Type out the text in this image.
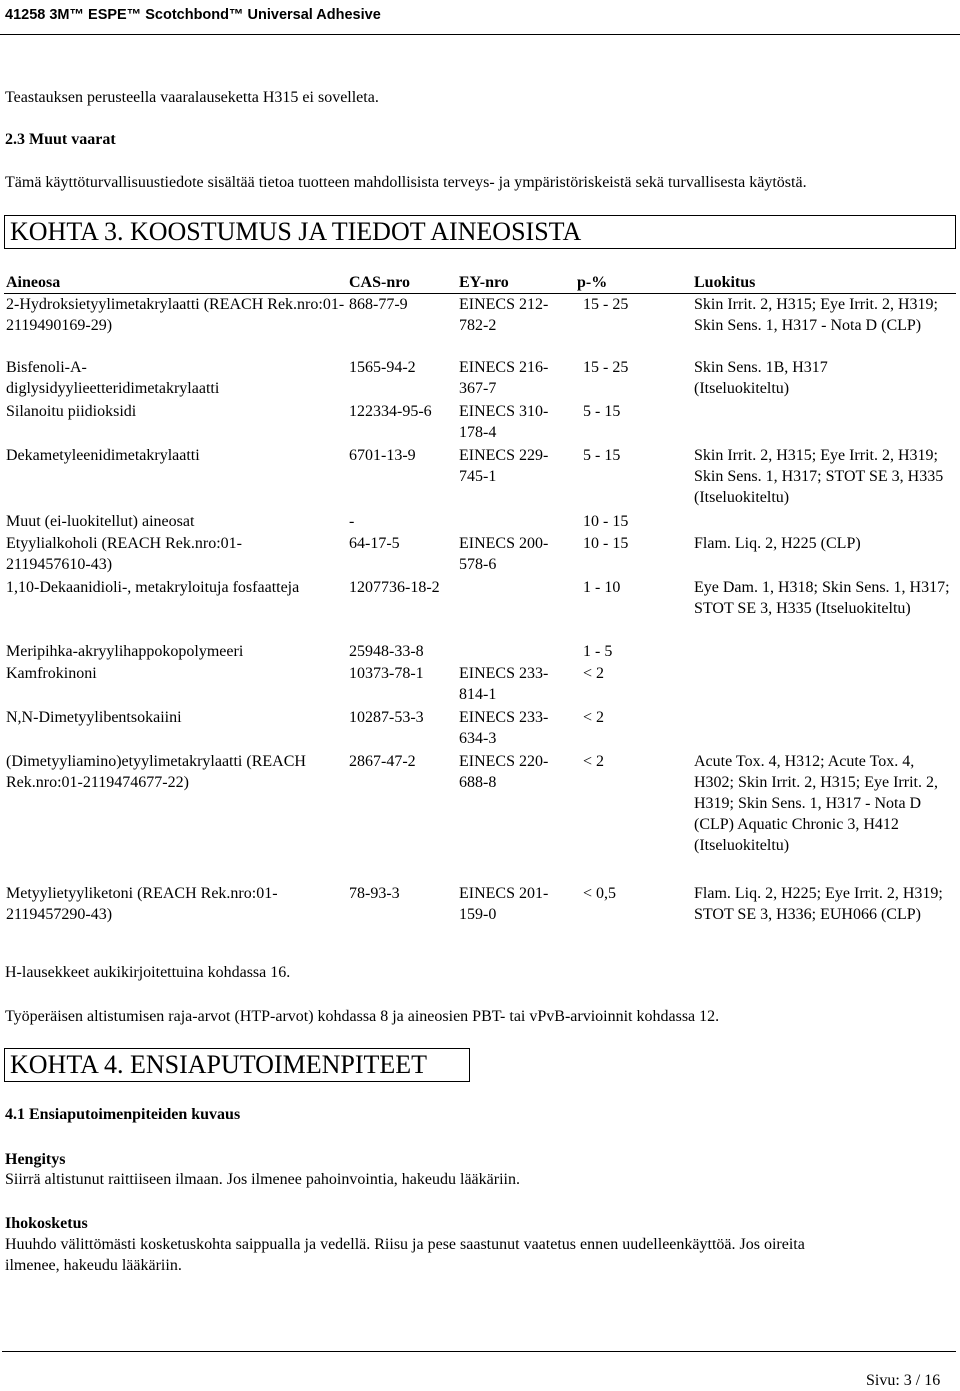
41258 3M™ ESPE™ Scotchbond™ Universal Adhesive
Teastauksen perusteella vaaralauseketta H315 ei sovelleta.
2.3 Muut vaarat
Tämä käyttöturvallisuustiedote sisältää tietoa tuotteen mahdollisista terveys- ja ympäristöriskeistä sekä turvallisesta käytöstä.
KOHTA 3. KOOSTUMUS JA TIEDOT AINEOSISTA
Aineosa	CAS-nro	EY-nro	p-%	Luokitus
2-Hydroksietyylimetakrylaatti (REACH Rek.nro:01-2119490169-29)	868-77-9	EINECS 212-782-2	15 - 25	Skin Irrit. 2, H315; Eye Irrit. 2, H319; Skin Sens. 1, H317 - Nota D (CLP)
Bisfenoli-A-diglysidyylieetteridimetakrylaatti	1565-94-2	EINECS 216-367-7	15 - 25	Skin Sens. 1B, H317 (Itseluokiteltu)
Silanoitu piidioksidi	122334-95-6	EINECS 310-178-4	5 - 15	
Dekametyleenidimetakrylaatti	6701-13-9	EINECS 229-745-1	5 - 15	Skin Irrit. 2, H315; Eye Irrit. 2, H319; Skin Sens. 1, H317; STOT SE 3, H335 (Itseluokiteltu)
Muut (ei-luokitellut) aineosat	-		10 - 15	
Etyylialkoholi (REACH Rek.nro:01-2119457610-43)	64-17-5	EINECS 200-578-6	10 - 15	Flam. Liq. 2, H225 (CLP)
1,10-Dekaanidioli-, metakryloituja fosfaatteja	1207736-18-2		1 - 10	Eye Dam. 1, H318; Skin Sens. 1, H317; STOT SE 3, H335 (Itseluokiteltu)
Meripihka-akryylihappokopolymeeri	25948-33-8		1 - 5	
Kamfrokinoni	10373-78-1	EINECS 233-814-1	< 2	
N,N-Dimetyylibentsokaiini	10287-53-3	EINECS 233-634-3	< 2	
(Dimetyyliamino)etyylimetakrylaatti (REACH Rek.nro:01-2119474677-22)	2867-47-2	EINECS 220-688-8	< 2	Acute Tox. 4, H312; Acute Tox. 4, H302; Skin Irrit. 2, H315; Eye Irrit. 2, H319; Skin Sens. 1, H317 - Nota D (CLP) Aquatic Chronic 3, H412 (Itseluokiteltu)
Metyylietyyliketoni (REACH Rek.nro:01-2119457290-43)	78-93-3	EINECS 201-159-0	< 0,5	Flam. Liq. 2, H225; Eye Irrit. 2, H319; STOT SE 3, H336; EUH066 (CLP)
H-lausekkeet aukikirjoitettuina kohdassa 16.
Työperäisen altistumisen raja-arvot (HTP-arvot) kohdassa 8 ja aineosien PBT- tai vPvB-arvioinnit kohdassa 12.
KOHTA 4. ENSIAPUTOIMENPITEET
4.1 Ensiaputoimenpiteiden kuvaus
Hengitys
Siirrä altistunut raittiiseen ilmaan. Jos ilmenee pahoinvointia, hakeudu lääkäriin.
Ihokosketus
Huuhdo välittömästi kosketuskohta saippualla ja vedellä. Riisu ja pese saastunut vaatetus ennen uudelleenkäyttöä. Jos oireita
ilmenee, hakeudu lääkäriin.
Sivu: 3 / 16
